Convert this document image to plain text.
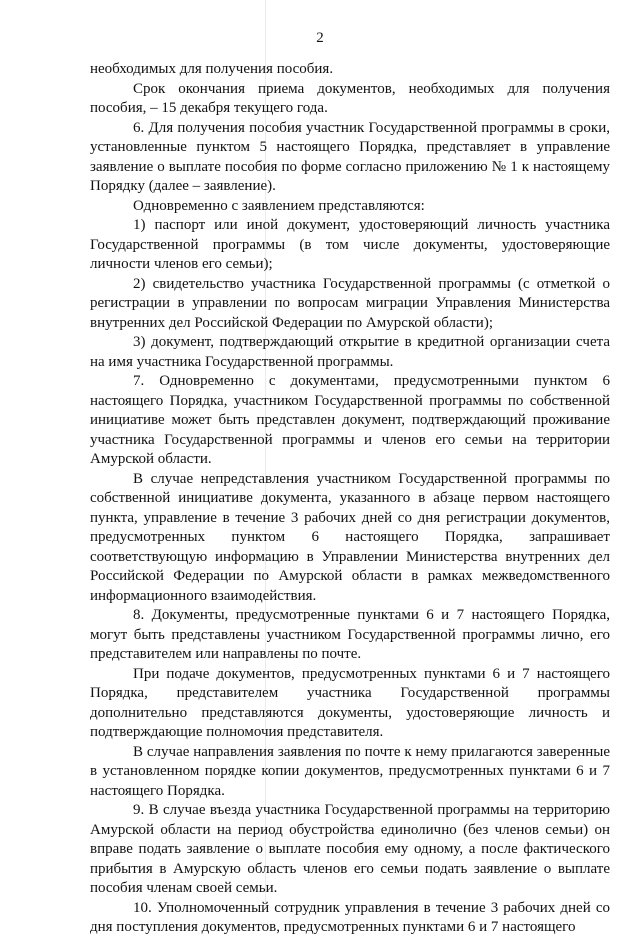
2

необходимых для получения пособия.

Срок окончания приема документов, необходимых для получения пособия, – 15 декабря текущего года.

6. Для получения пособия участник Государственной программы в сроки, установленные пунктом 5 настоящего Порядка, представляет в управление заявление о выплате пособия по форме согласно приложению № 1 к настоящему Порядку (далее – заявление).

Одновременно с заявлением представляются:

1) паспорт или иной документ, удостоверяющий личность участника Государственной программы (в том числе документы, удостоверяющие личности членов его семьи);

2) свидетельство участника Государственной программы (с отметкой о регистрации в управлении по вопросам миграции Управления Министерства внутренних дел Российской Федерации по Амурской области);

3) документ, подтверждающий открытие в кредитной организации счета на имя участника Государственной программы.

7. Одновременно с документами, предусмотренными пунктом 6 настоящего Порядка, участником Государственной программы по собственной инициативе может быть представлен документ, подтверждающий проживание участника Государственной программы и членов его семьи на территории Амурской области.

В случае непредставления участником Государственной программы по собственной инициативе документа, указанного в абзаце первом настоящего пункта, управление в течение 3 рабочих дней со дня регистрации документов, предусмотренных пунктом 6 настоящего Порядка, запрашивает соответствующую информацию в Управлении Министерства внутренних дел Российской Федерации по Амурской области в рамках межведомственного информационного взаимодействия.

8. Документы, предусмотренные пунктами 6 и 7 настоящего Порядка, могут быть представлены участником Государственной программы лично, его представителем или направлены по почте.

При подаче документов, предусмотренных пунктами 6 и 7 настоящего Порядка, представителем участника Государственной программы дополнительно представляются документы, удостоверяющие личность и подтверждающие полномочия представителя.

В случае направления заявления по почте к нему прилагаются заверенные в установленном порядке копии документов, предусмотренных пунктами 6 и 7 настоящего Порядка.

9. В случае въезда участника Государственной программы на территорию Амурской области на период обустройства единолично (без членов семьи) он вправе подать заявление о выплате пособия ему одному, а после фактического прибытия в Амурскую область членов его семьи подать заявление о выплате пособия членам своей семьи.

10. Уполномоченный сотрудник управления в течение 3 рабочих дней со дня поступления документов, предусмотренных пунктами 6 и 7 настоящего
